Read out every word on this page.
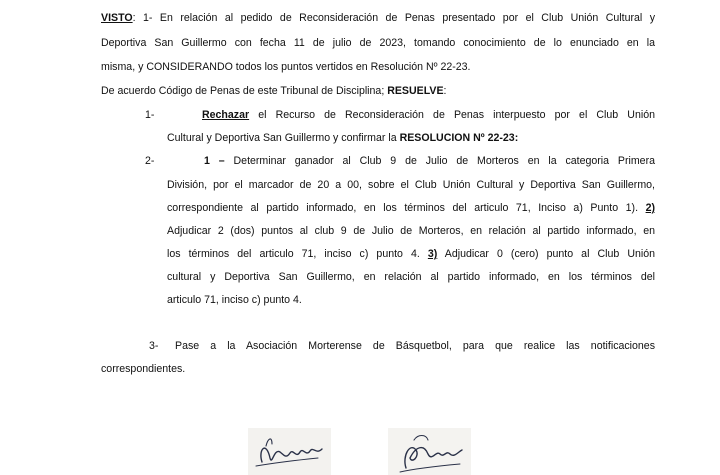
VISTO: 1- En relación al pedido de Reconsideración de Penas presentado por el Club Unión Cultural y
Deportiva San Guillermo con fecha 11 de julio de 2023, tomando conocimiento de lo enunciado en la
misma, y CONSIDERANDO todos los puntos vertidos en Resolución Nº 22-23.
De acuerdo Código de Penas de este Tribunal de Disciplina; RESUELVE:
1-	Rechazar el Recurso de Reconsideración de Penas interpuesto por el Club Unión
Cultural y Deportiva San Guillermo y confirmar la RESOLUCION Nº 22-23:
2-	1 – Determinar ganador al Club 9 de Julio de Morteros en la categoria Primera
División, por el marcador de 20 a 00, sobre el Club Unión Cultural y Deportiva San Guillermo,
correspondiente al partido informado, en los términos del articulo 71, Inciso a) Punto 1). 2)
Adjudicar 2 (dos) puntos al club 9 de Julio de Morteros, en relación al partido informado, en
los términos del articulo 71, inciso c) punto 4. 3) Adjudicar 0 (cero) punto al Club Unión
cultural y Deportiva San Guillermo, en relación al partido informado, en los términos del
articulo 71, inciso c) punto 4.
3- Pase a la Asociación Morterense de Básquetbol, para que realice las notificaciones
correspondientes.
